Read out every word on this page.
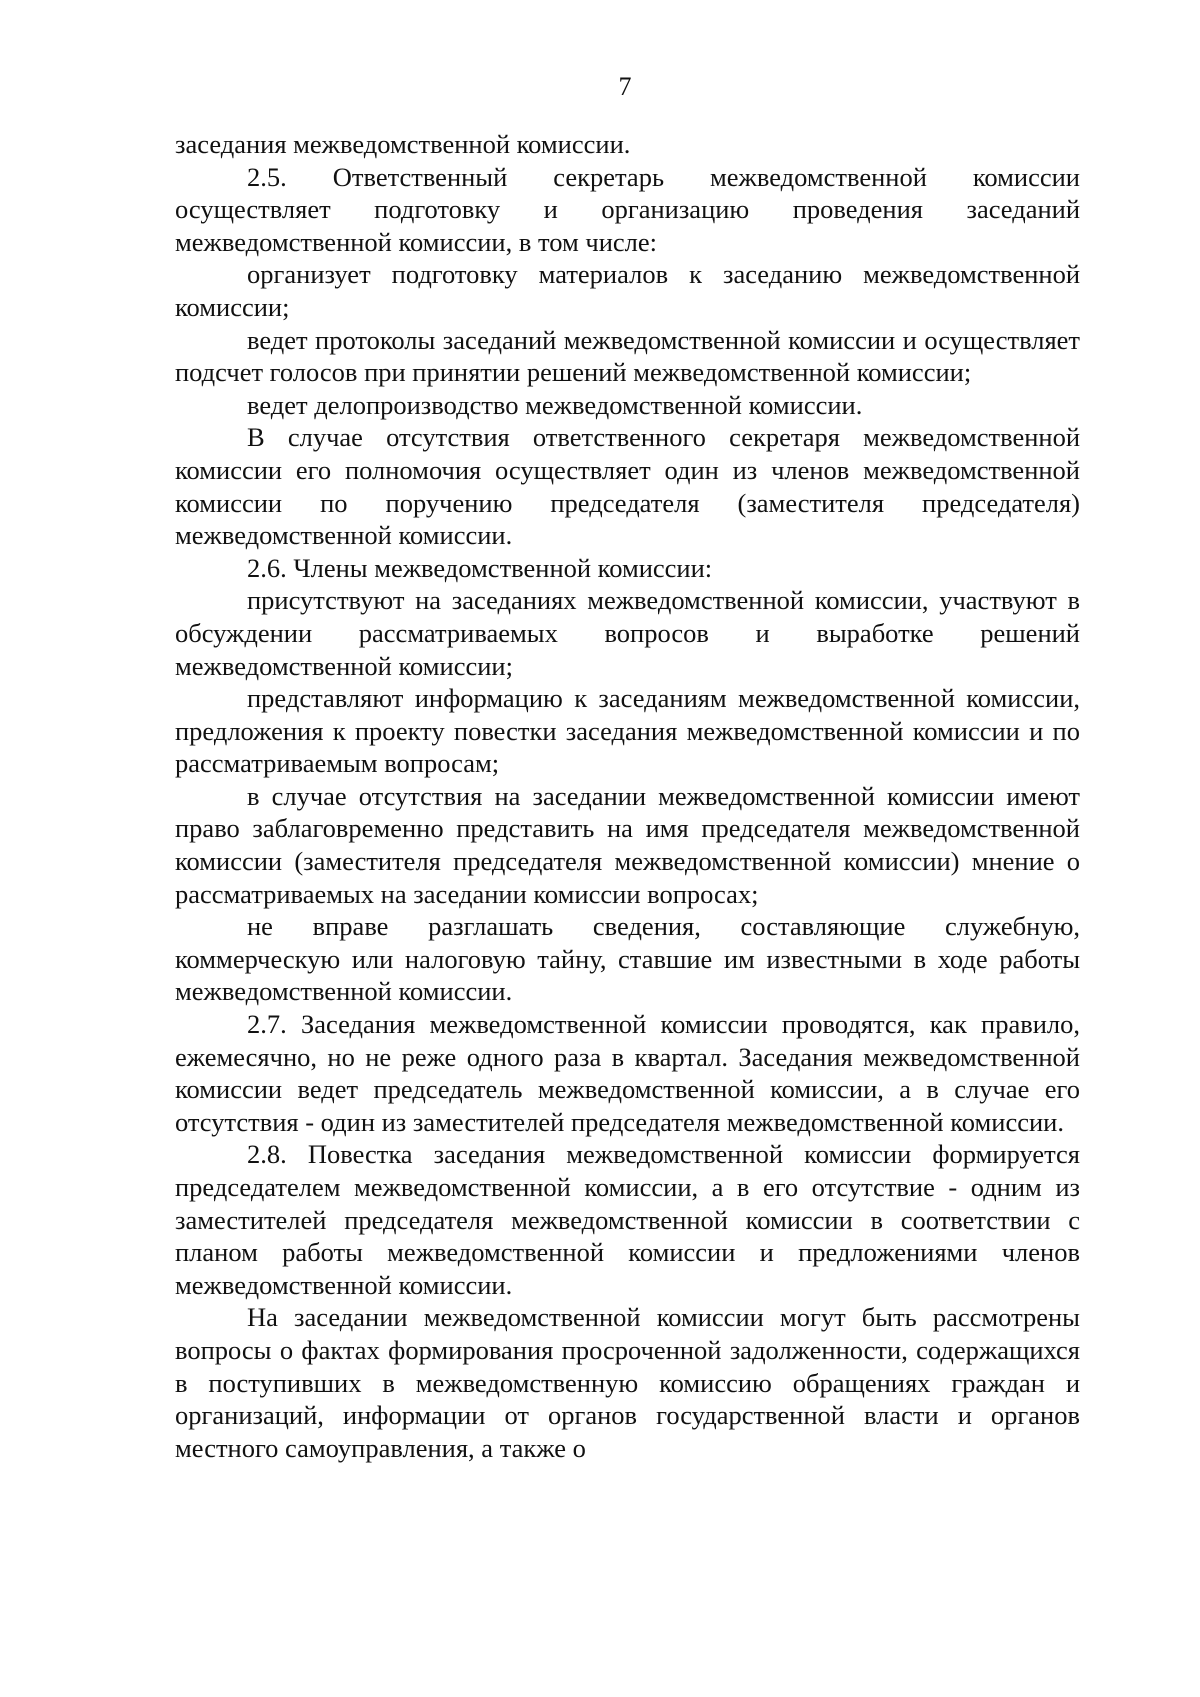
7

заседания межведомственной комиссии.

2.5. Ответственный секретарь межведомственной комиссии осуществляет подготовку и организацию проведения заседаний межведомственной комиссии, в том числе:

организует подготовку материалов к заседанию межведомственной комиссии;

ведет протоколы заседаний межведомственной комиссии и осуществляет подсчет голосов при принятии решений межведомственной комиссии;

ведет делопроизводство межведомственной комиссии.

В случае отсутствия ответственного секретаря межведомственной комиссии его полномочия осуществляет один из членов межведомственной комиссии по поручению председателя (заместителя председателя) межведомственной комиссии.

2.6. Члены межведомственной комиссии:

присутствуют на заседаниях межведомственной комиссии, участвуют в обсуждении рассматриваемых вопросов и выработке решений межведомственной комиссии;

представляют информацию к заседаниям межведомственной комиссии, предложения к проекту повестки заседания межведомственной комиссии и по рассматриваемым вопросам;

в случае отсутствия на заседании межведомственной комиссии имеют право заблаговременно представить на имя председателя межведомственной комиссии (заместителя председателя межведомственной комиссии) мнение о рассматриваемых на заседании комиссии вопросах;

не вправе разглашать сведения, составляющие служебную, коммерческую или налоговую тайну, ставшие им известными в ходе работы межведомственной комиссии.

2.7. Заседания межведомственной комиссии проводятся, как правило, ежемесячно, но не реже одного раза в квартал. Заседания межведомственной комиссии ведет председатель межведомственной комиссии, а в случае его отсутствия - один из заместителей председателя межведомственной комиссии.

2.8. Повестка заседания межведомственной комиссии формируется председателем межведомственной комиссии, а в его отсутствие - одним из заместителей председателя межведомственной комиссии в соответствии с планом работы межведомственной комиссии и предложениями членов межведомственной комиссии.

На заседании межведомственной комиссии могут быть рассмотрены вопросы о фактах формирования просроченной задолженности, содержащихся в поступивших в межведомственную комиссию обращениях граждан и организаций, информации от органов государственной власти и органов местного самоуправления, а также о
